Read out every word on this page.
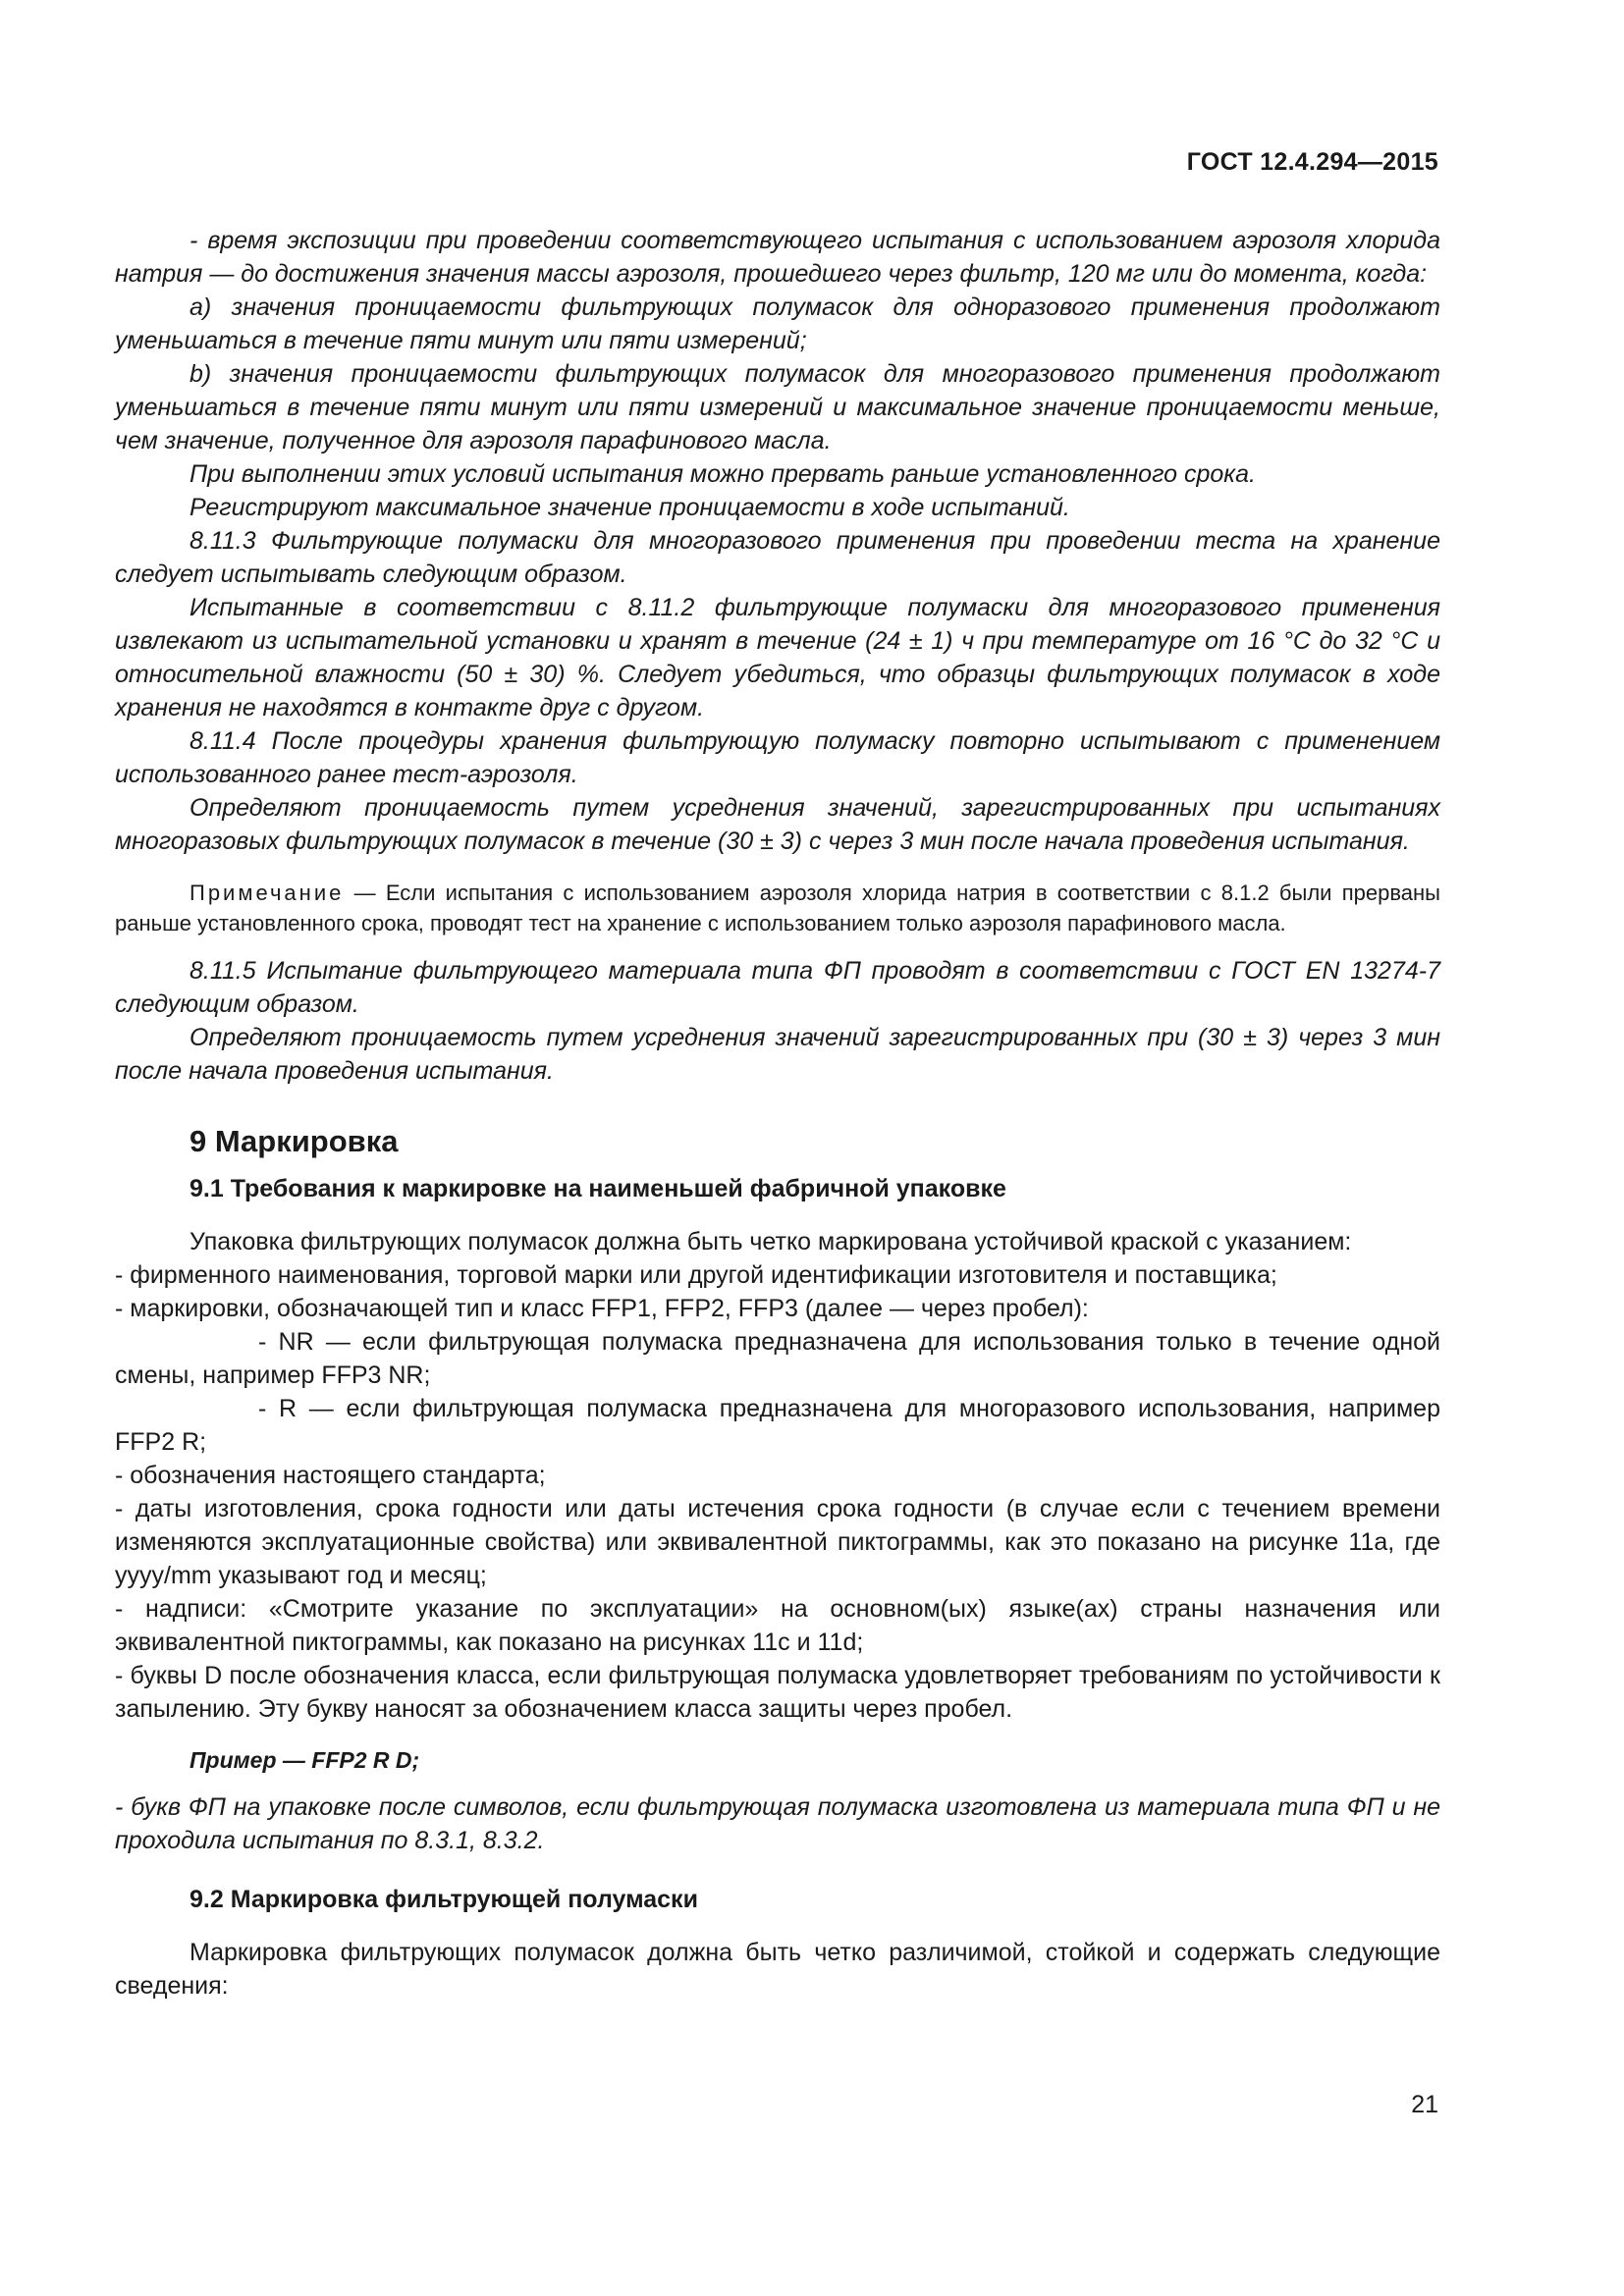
ГОСТ 12.4.294—2015

- время экспозиции при проведении соответствующего испытания с использованием аэрозоля хлорида натрия — до достижения значения массы аэрозоля, прошедшего через фильтр, 120 мг или до момента, когда:

а) значения проницаемости фильтрующих полумасок для одноразового применения продолжают уменьшаться в течение пяти минут или пяти измерений;

b) значения проницаемости фильтрующих полумасок для многоразового применения продолжают уменьшаться в течение пяти минут или пяти измерений и максимальное значение проницаемости меньше, чем значение, полученное для аэрозоля парафинового масла.

При выполнении этих условий испытания можно прервать раньше установленного срока.

Регистрируют максимальное значение проницаемости в ходе испытаний.

8.11.3 Фильтрующие полумаски для многоразового применения при проведении теста на хранение следует испытывать следующим образом.

Испытанные в соответствии с 8.11.2 фильтрующие полумаски для многоразового применения извлекают из испытательной установки и хранят в течение (24 ± 1) ч при температуре от 16 °С до 32 °С и относительной влажности (50 ± 30) %. Следует убедиться, что образцы фильтрующих полумасок в ходе хранения не находятся в контакте друг с другом.

8.11.4 После процедуры хранения фильтрующую полумаску повторно испытывают с применением использованного ранее тест-аэрозоля.

Определяют проницаемость путем усреднения значений, зарегистрированных при испытаниях многоразовых фильтрующих полумасок в течение (30 ± 3) с через 3 мин после начала проведения испытания.

Примечание — Если испытания с использованием аэрозоля хлорида натрия в соответствии с 8.1.2 были прерваны раньше установленного срока, проводят тест на хранение с использованием только аэрозоля парафинового масла.

8.11.5 Испытание фильтрующего материала типа ФП проводят в соответствии с ГОСТ EN 13274-7 следующим образом.

Определяют проницаемость путем усреднения значений зарегистрированных при (30 ± 3) через 3 мин после начала проведения испытания.

9 Маркировка
9.1 Требования к маркировке на наименьшей фабричной упаковке

Упаковка фильтрующих полумасок должна быть четко маркирована устойчивой краской с указанием:

- фирменного наименования, торговой марки или другой идентификации изготовителя и поставщика;

- маркировки, обозначающей тип и класс FFP1, FFP2, FFP3 (далее — через пробел):

- NR — если фильтрующая полумаска предназначена для использования только в течение одной смены, например FFP3 NR;

- R — если фильтрующая полумаска предназначена для многоразового использования, например FFP2 R;

- обозначения настоящего стандарта;

- даты изготовления, срока годности или даты истечения срока годности (в случае если с течением времени изменяются эксплуатационные свойства) или эквивалентной пиктограммы, как это показано на рисунке 11a, где yyyy/mm указывают год и месяц;

- надписи: «Смотрите указание по эксплуатации» на основном(ых) языке(ах) страны назначения или эквивалентной пиктограммы, как показано на рисунках 11c и 11d;

- буквы D после обозначения класса, если фильтрующая полумаска удовлетворяет требованиям по устойчивости к запылению. Эту букву наносят за обозначением класса защиты через пробел.

Пример — FFP2 R D;

- букв ФП на упаковке после символов, если фильтрующая полумаска изготовлена из материала типа ФП и не проходила испытания по 8.3.1, 8.3.2.

9.2 Маркировка фильтрующей полумаски

Маркировка фильтрующих полумасок должна быть четко различимой, стойкой и содержать следующие сведения:

21
